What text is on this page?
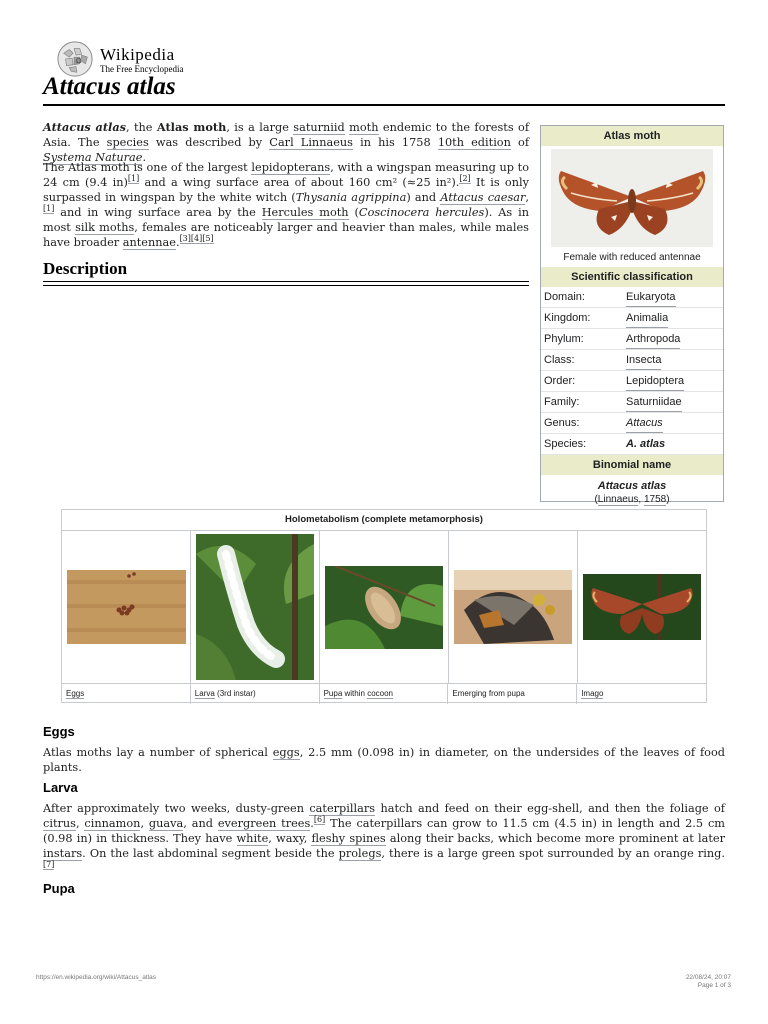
Ω Wikipedia
The Free Encyclopedia
Attacus atlas

Attacus atlas, the Atlas moth, is a large saturniid moth endemic to the forests of Asia. The species was described by Carl Linnaeus in his 1758 10th edition of Systema Naturae.

The Atlas moth is one of the largest lepidopterans, with a wingspan measuring up to 24 cm (9.4 in)[1] and a wing surface area of about 160 cm² (≈25 in²).[2] It is only surpassed in wingspan by the white witch (Thysania agrippina) and Attacus caesar,[1] and in wing surface area by the Hercules moth (Coscinocera hercules). As in most silk moths, females are noticeably larger and heavier than males, while males have broader antennae.[3][4][5]

Description
Atlas moth
Female with reduced antennae
Scientific classification
Domain:	Eukaryota
Kingdom:	Animalia
Phylum:	Arthropoda
Class:	Insecta
Order:	Lepidoptera
Family:	Saturniidae
Genus:	Attacus
Species:	A. atlas
Binomial name
Attacus atlas
(Linnaeus, 1758)
Holometabolism (complete metamorphosis)
Eggs	Larva (3rd instar)	Pupa within cocoon	Emerging from pupa	Imago
Eggs

Atlas moths lay a number of spherical eggs, 2.5 mm (0.098 in) in diameter, on the undersides of the leaves of food plants.

Larva

After approximately two weeks, dusty-green caterpillars hatch and feed on their egg-shell, and then the foliage of citrus, cinnamon, guava, and evergreen trees.[6] The caterpillars can grow to 11.5 cm (4.5 in) in length and 2.5 cm (0.98 in) in thickness. They have white, waxy, fleshy spines along their backs, which become more prominent at later instars. On the last abdominal segment beside the prolegs, there is a large green spot surrounded by an orange ring.[7]

Pupa
https://en.wikipedia.org/wiki/Attacus_atlas	22/08/24, 20:07
Page 1 of 3
